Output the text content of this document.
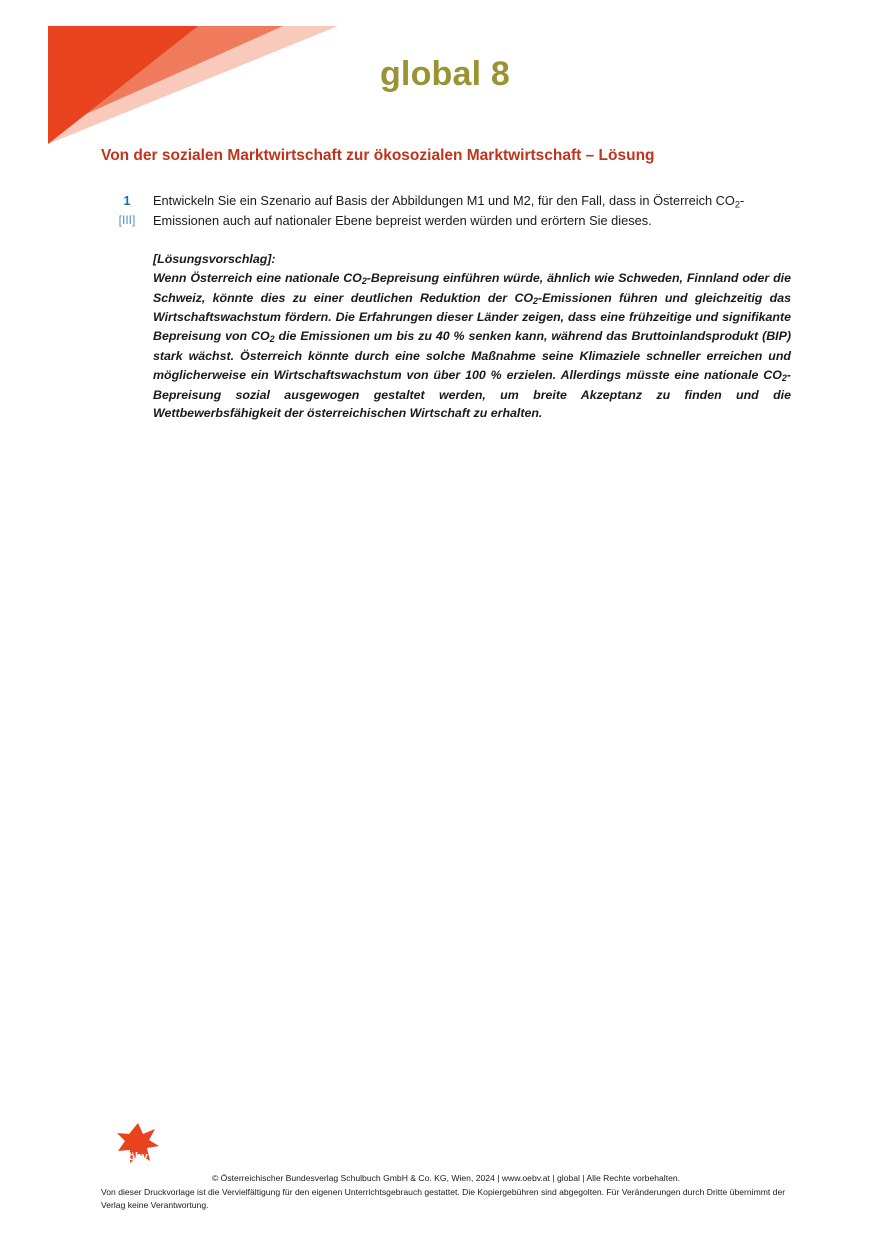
global 8
Von der sozialen Marktwirtschaft zur ökosozialen Marktwirtschaft – Lösung
1
[III]
Entwickeln Sie ein Szenario auf Basis der Abbildungen M1 und M2, für den Fall, dass in Österreich $CO_2$-Emissionen auch auf nationaler Ebene bepreist werden würden und erörtern Sie dieses.
[Lösungsvorschlag]:
Wenn Österreich eine nationale $CO_2$-Bepreisung einführen würde, ähnlich wie Schweden, Finnland oder die Schweiz, könnte dies zu einer deutlichen Reduktion der $CO_2$-Emissionen führen und gleichzeitig das Wirtschaftswachstum fördern. Die Erfahrungen dieser Länder zeigen, dass eine frühzeitige und signifikante Bepreisung von $CO_2$ die Emissionen um bis zu 40 % senken kann, während das Bruttoinlandsprodukt (BIP) stark wächst. Österreich könnte durch eine solche Maßnahme seine Klimaziele schneller erreichen und möglicherweise ein Wirtschaftswachstum von über 100 % erzielen. Allerdings müsste eine nationale $CO_2$-Bepreisung sozial ausgewogen gestaltet werden, um breite Akzeptanz zu finden und die Wettbewerbsfähigkeit der österreichischen Wirtschaft zu erhalten.
öbv
© Österreichischer Bundesverlag Schulbuch GmbH & Co. KG, Wien, 2024 | www.oebv.at | global | Alle Rechte vorbehalten.
Von dieser Druckvorlage ist die Vervielfältigung für den eigenen Unterrichtsgebrauch gestattet. Die Kopiergebühren sind abgegolten. Für Veränderungen durch Dritte übernimmt der Verlag keine Verantwortung.
